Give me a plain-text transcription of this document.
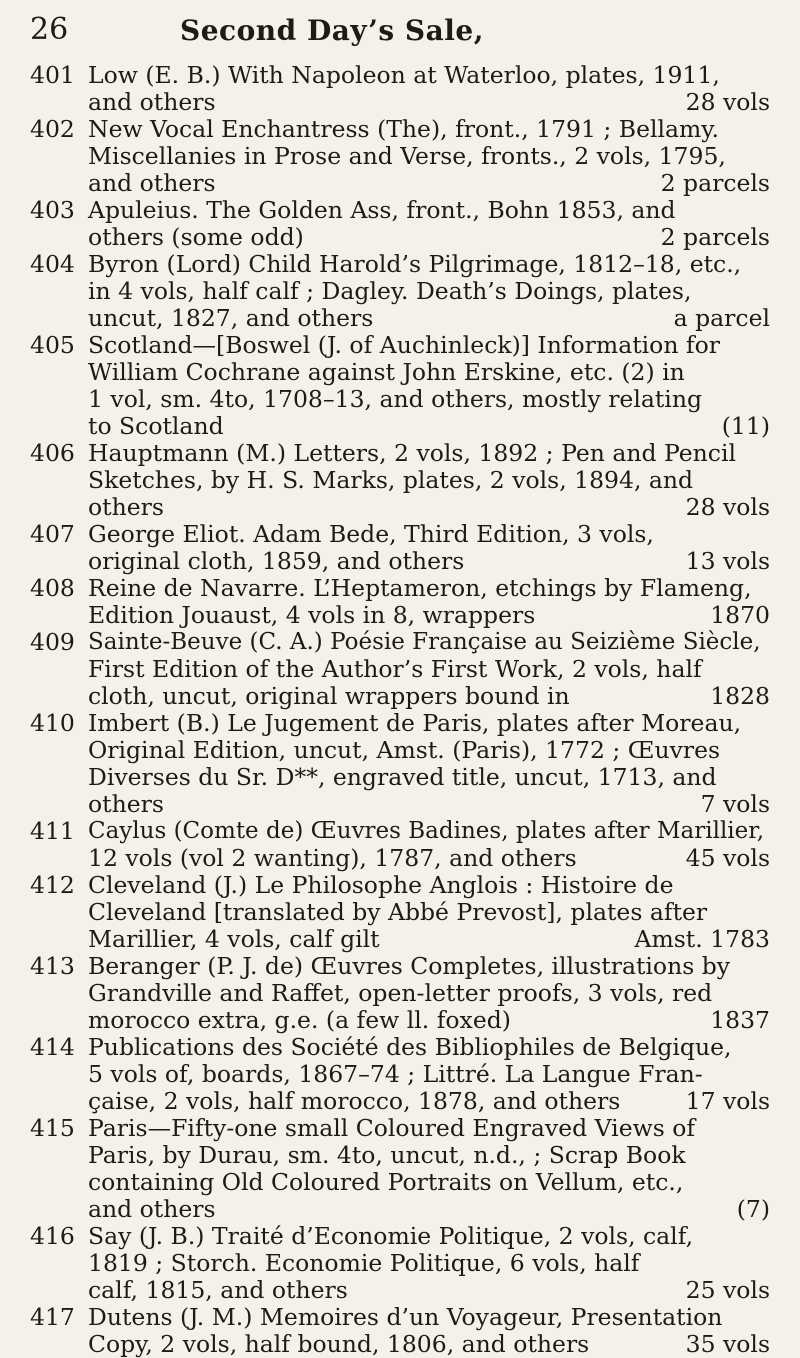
26	Second Day’s Sale,
401 Low (E. B.) With Napoleon at Waterloo, plates, 1911,
and others	28 vols
402 New Vocal Enchantress (The), front., 1791 ; Bellamy.
Miscellanies in Prose and Verse, fronts., 2 vols, 1795,
and others	2 parcels
403 Apuleius. The Golden Ass, front., Bohn 1853, and
others (some odd)	2 parcels
404 Byron (Lord) Child Harold’s Pilgrimage, 1812–18, etc.,
in 4 vols, half calf ; Dagley. Death’s Doings, plates,
uncut, 1827, and others	a parcel
405 Scotland—[Boswel (J. of Auchinleck)] Information for
William Cochrane against John Erskine, etc. (2) in
1 vol, sm. 4to, 1708–13, and others, mostly relating
to Scotland	(11)
406 Hauptmann (M.) Letters, 2 vols, 1892 ; Pen and Pencil
Sketches, by H. S. Marks, plates, 2 vols, 1894, and
others	28 vols
407 George Eliot. Adam Bede, Third Edition, 3 vols,
original cloth, 1859, and others	13 vols
408 Reine de Navarre. L’Heptameron, etchings by Flameng,
Edition Jouaust, 4 vols in 8, wrappers	1870
409 Sainte-Beuve (C. A.) Poésie Française au Seizième Siècle,
First Edition of the Author’s First Work, 2 vols, half
cloth, uncut, original wrappers bound in	1828
410 Imbert (B.) Le Jugement de Paris, plates after Moreau,
Original Edition, uncut, Amst. (Paris), 1772 ; Œuvres
Diverses du Sr. D**, engraved title, uncut, 1713, and
others	7 vols
411 Caylus (Comte de) Œuvres Badines, plates after Marillier,
12 vols (vol 2 wanting), 1787, and others	45 vols
412 Cleveland (J.) Le Philosophe Anglois : Histoire de
Cleveland [translated by Abbé Prevost], plates after
Marillier, 4 vols, calf gilt	Amst. 1783
413 Beranger (P. J. de) Œuvres Completes, illustrations by
Grandville and Raffet, open-letter proofs, 3 vols, red
morocco extra, g.e. (a few ll. foxed)	1837
414 Publications des Société des Bibliophiles de Belgique,
5 vols of, boards, 1867–74 ; Littré. La Langue Fran-
çaise, 2 vols, half morocco, 1878, and others	17 vols
415 Paris—Fifty-one small Coloured Engraved Views of
Paris, by Durau, sm. 4to, uncut, n.d., ; Scrap Book
containing Old Coloured Portraits on Vellum, etc.,
and others	(7)
416 Say (J. B.) Traité d’Economie Politique, 2 vols, calf,
1819 ; Storch. Economie Politique, 6 vols, half
calf, 1815, and others	25 vols
417 Dutens (J. M.) Memoires d’un Voyageur, Presentation
Copy, 2 vols, half bound, 1806, and others	35 vols
